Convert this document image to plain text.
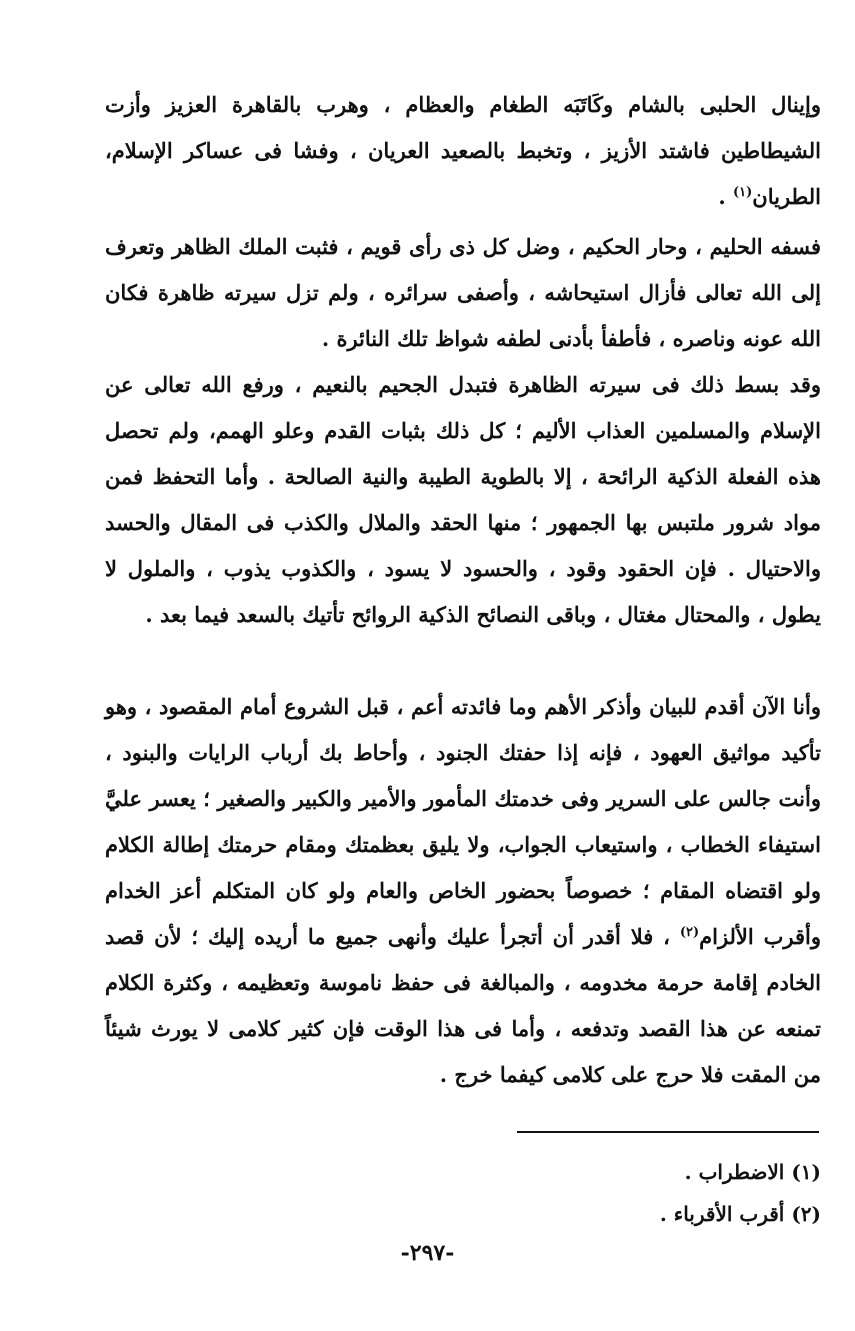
وإينال الحلبى بالشام وكَاتَبَه الطغام والعظام ، وهرب بالقاهرة العزيز وأزت الشيطاطين فاشتد الأزيز ، وتخبط بالصعيد العريان ، وفشا فى عساكر الإسلام، الطريان$^{(١)}$ .

فسفه الحليم ، وحار الحكيم ، وضل كل ذى رأى قويم ، فثبت الملك الظاهر وتعرف إلى الله تعالى فأزال استيحاشه ، وأصفى سرائره ، ولم تزل سيرته ظاهرة فكان الله عونه وناصره ، فأطفأ بأدنى لطفه شواظ تلك النائرة .

وقد بسط ذلك فى سيرته الظاهرة فتبدل الجحيم بالنعيم ، ورفع الله تعالى عن الإسلام والمسلمين العذاب الأليم ؛ كل ذلك بثبات القدم وعلو الهمم، ولم تحصل هذه الفعلة الذكية الرائحة ، إلا بالطوية الطيبة والنية الصالحة . وأما التحفظ فمن مواد شرور ملتبس بها الجمهور ؛ منها الحقد والملال والكذب فى المقال والحسد والاحتيال . فإن الحقود وقود ، والحسود لا يسود ، والكذوب يذوب ، والملول لا يطول ، والمحتال مغتال ، وباقى النصائح الذكية الروائح تأتيك بالسعد فيما بعد .

وأنا الآن أقدم للبيان وأذكر الأهم وما فائدته أعم ، قبل الشروع أمام المقصود ، وهو تأكيد مواثيق العهود ، فإنه إذا حفتك الجنود ، وأحاط بك أرباب الرايات والبنود ، وأنت جالس على السرير وفى خدمتك المأمور والأمير والكبير والصغير ؛ يعسر عليَّ استيفاء الخطاب ، واستيعاب الجواب، ولا يليق بعظمتك ومقام حرمتك إطالة الكلام ولو اقتضاه المقام ؛ خصوصاً بحضور الخاص والعام ولو كان المتكلم أعز الخدام وأقرب الألزام$^{(٢)}$ ، فلا أقدر أن أتجرأ عليك وأنهى جميع ما أريده إليك ؛ لأن قصد الخادم إقامة حرمة مخدومه ، والمبالغة فى حفظ ناموسة وتعظيمه ، وكثرة الكلام تمنعه عن هذا القصد وتدفعه ، وأما فى هذا الوقت فإن كثير كلامى لا يورث شيئاً من المقت فلا حرج على كلامى كيفما خرج .

(١) الاضطراب .

(٢) أقرب الأقرباء .

-٢٩٧-
